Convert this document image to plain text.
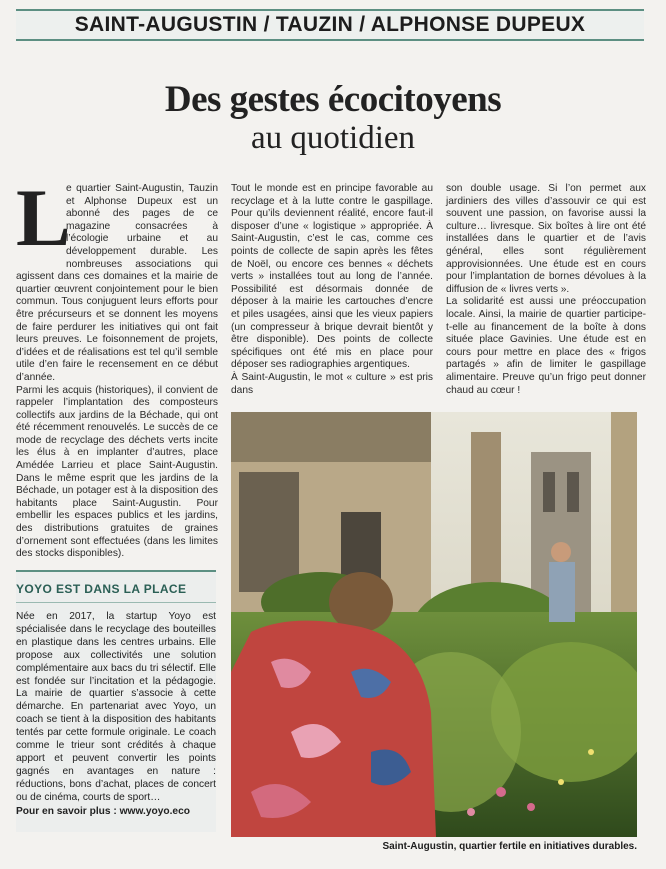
SAINT-AUGUSTIN / TAUZIN / ALPHONSE DUPEUX
Des gestes écocitoyens
au quotidien
L

e quartier Saint-Augustin, Tauzin et Alphonse Dupeux est un abonné des pages de ce magazine consacrées à l’écologie urbaine et au développement durable. Les nombreuses associations qui agissent dans ces domaines et la mairie de quartier œuvrent conjointement pour le bien commun. Tous conjuguent leurs efforts pour être précurseurs et se donnent les moyens de faire perdurer les initiatives qui ont fait leurs preuves. Le foisonnement de projets, d’idées et de réalisations est tel qu’il semble utile d’en faire le recensement en ce début d’année.

Parmi les acquis (historiques), il convient de rappeler l’implantation des composteurs collectifs aux jardins de la Béchade, qui ont été récemment renouvelés. Le succès de ce mode de recyclage des déchets verts incite les élus à en implanter d’autres, place Amédée Larrieu et place Saint-Augustin. Dans le même esprit que les jardins de la Béchade, un potager est à la disposition des habitants place Saint-Augustin. Pour embellir les espaces publics et les jardins, des distributions gratuites de graines d’ornement sont effectuées (dans les limites des stocks disponibles).

Tout le monde est en principe favorable au recyclage et à la lutte contre le gaspillage. Pour qu’ils deviennent réalité, encore faut-il disposer d’une « logistique » appropriée. À Saint-Augustin, c’est le cas, comme ces points de collecte de sapin après les fêtes de Noël, ou encore ces bennes « déchets verts » installées tout au long de l’année. Possibilité est désormais donnée de déposer à la mairie les cartouches d’encre et piles usagées, ainsi que les vieux papiers (un compresseur à brique devrait bientôt y être disponible). Des points de collecte spécifiques ont été mis en place pour déposer ses radiographies argentiques.

À Saint-Augustin, le mot « culture » est pris dans

son double usage. Si l’on permet aux jardiniers des villes d’assouvir ce qui est souvent une passion, on favorise aussi la culture… livresque. Six boîtes à lire ont été installées dans le quartier et de l’avis général, elles sont régulièrement approvisionnées. Une étude est en cours pour l’implantation de bornes dévolues à la diffusion de « livres verts ».

La solidarité est aussi une préoccupation locale. Ainsi, la mairie de quartier participe-t-elle au financement de la boîte à dons située place Gavinies. Une étude est en cours pour mettre en place des « frigos partagés » afin de limiter le gaspillage alimentaire. Preuve qu’un frigo peut donner chaud au cœur !

YOYO EST DANS LA PLACE

Née en 2017, la startup Yoyo est spécialisée dans le recyclage des bouteilles en plastique dans les centres urbains. Elle propose aux collectivités une solution complémentaire aux bacs du tri sélectif. Elle est fondée sur l’incitation et la pédagogie. La mairie de quartier s’associe à cette démarche. En partenariat avec Yoyo, un coach se tient à la disposition des habitants tentés par cette formule originale. Le coach comme le trieur sont crédités à chaque apport et peuvent convertir les points gagnés en avantages en nature : réductions, bons d’achat, places de concert ou de cinéma, courts de sport…

Pour en savoir plus : www.yoyo.eco

Saint-Augustin, quartier fertile en initiatives durables.
